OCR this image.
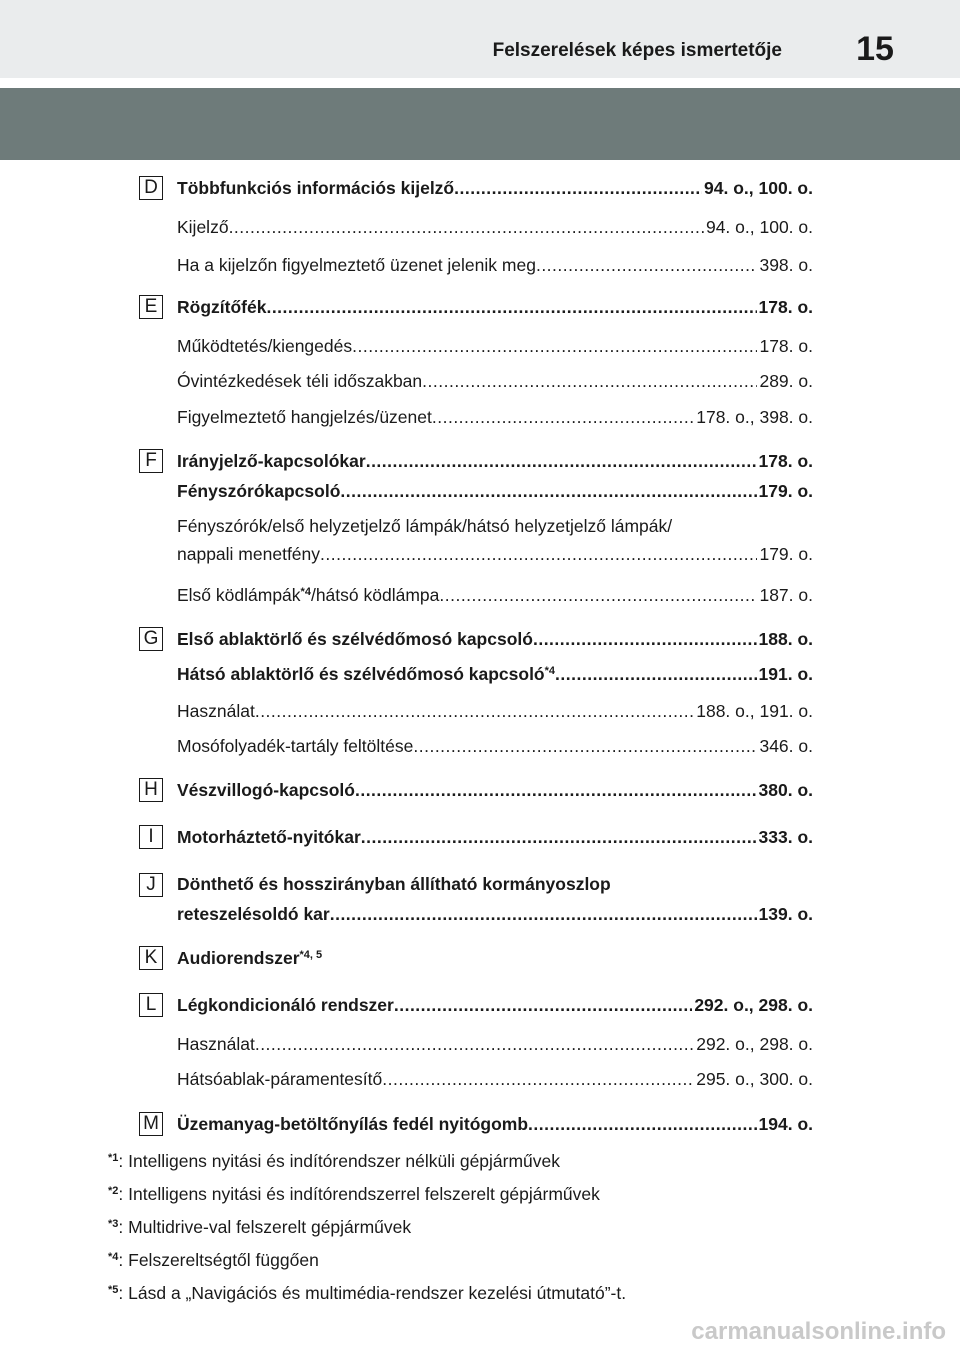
Felszerelések képes ismertetője	15
D Többfunkciós információs kijelző .....	94. o., 100. o.
Kijelző .....	94. o., 100. o.
Ha a kijelzőn figyelmeztető üzenet jelenik meg .....	398. o.
E	Rögzítőfék .....	178. o.
Működtetés/kiengedés .....	178. o.
Óvintézkedések téli időszakban .....	289. o.
Figyelmeztető hangjelzés/üzenet .....	178. o., 398. o.
F	Irányjelző-kapcsolókar .....	178. o.
Fényszórókapcsoló .....	179. o.
Fényszórók/első helyzetjelző lámpák/hátsó helyzetjelző lámpák/
nappali menetfény .....	179. o.
Első ködlámpák$^{*4}$/hátsó ködlámpa .....	187. o.
G Első ablaktörlő és szélvédőmosó kapcsoló .....	188. o.
Hátsó ablaktörlő és szélvédőmosó kapcsoló$^{*4}$ .....	191. o.
Használat .....	188. o., 191. o.
Mosófolyadék-tartály feltöltése .....	346. o.
H Vészvillogó-kapcsoló .....	380. o.
I	Motorháztető-nyitókar .....	333. o.
J	Dönthető és hosszirányban állítható kormányoszlop
reteszelésoldó kar .....	139. o.
K	Audiorendszer$^{*4, 5}$
L	Légkondicionáló rendszer .....	292. o., 298. o.
Használat .....	292. o., 298. o.
Hátsóablak-páramentesítő .....	295. o., 300. o.
M Üzemanyag-betöltőnyílás fedél nyitógomb .....	194. o.
$^{*1}$: Intelligens nyitási és indítórendszer nélküli gépjárművek
$^{*2}$: Intelligens nyitási és indítórendszerrel felszerelt gépjárművek
$^{*3}$: Multidrive-val felszerelt gépjárművek
$^{*4}$: Felszereltségtől függően
$^{*5}$: Lásd a „Navigációs és multimédia-rendszer kezelési útmutató”-t.
carmanualsonline.info
